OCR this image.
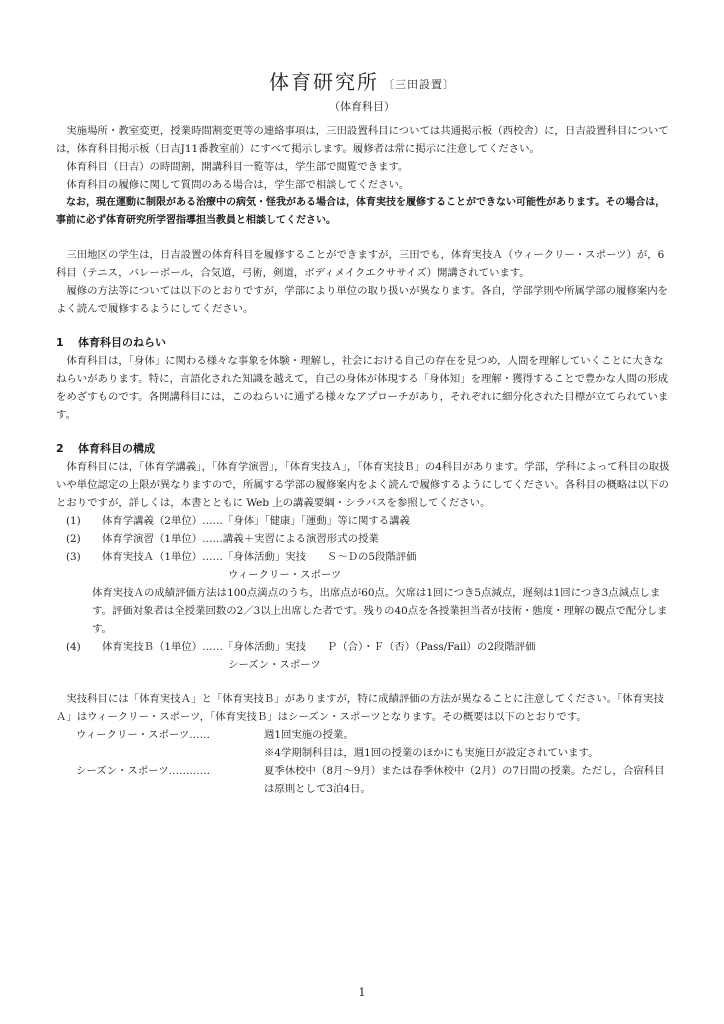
体育研究所 〔三田設置〕
（体育科目）

実施場所・教室変更，授業時間割変更等の連絡事項は，三田設置科目については共通掲示板（西校舎）に，日吉設置科目については，体育科目掲示板（日吉J11番教室前）にすべて掲示します。履修者は常に掲示に注意してください。

体育科目（日吉）の時間割，開講科目一覧等は，学生部で閲覧できます。

体育科目の履修に関して質問のある場合は，学生部で相談してください。

なお，現在運動に制限がある治療中の病気・怪我がある場合は，体育実技を履修することができない可能性があります。その場合は，事前に必ず体育研究所学習指導担当教員と相談してください。

三田地区の学生は，日吉設置の体育科目を履修することができますが，三田でも，体育実技Ａ（ウィークリー・スポーツ）が，6科目（テニス，バレーボール，合気道，弓術，剣道，ボディメイクエクササイズ）開講されています。

履修の方法等については以下のとおりですが，学部により単位の取り扱いが異なります。各自，学部学則や所属学部の履修案内をよく読んで履修するようにしてください。

1 体育科目のねらい

体育科目は，「身体」に関わる様々な事象を体験・理解し，社会における自己の存在を見つめ，人間を理解していくことに大きなねらいがあります。特に，言語化された知識を越えて，自己の身体が体現する「身体知」を理解・獲得することで豊かな人間の形成をめざすものです。各開講科目には，このねらいに通ずる様々なアプローチがあり，それぞれに細分化された目標が立てられています。

2 体育科目の構成

体育科目には，「体育学講義」，「体育学演習」，「体育実技Ａ」，「体育実技Ｂ」の4科目があります。学部，学科によって科目の取扱いや単位認定の上限が異なりますので，所属する学部の履修案内をよく読んで履修するようにしてください。各科目の概略は以下のとおりですが，詳しくは，本書とともに Web 上の講義要綱・シラバスを参照してください。

(1)	体育学講義（2単位）……「身体」「健康」「運動」等に関する講義
(2)	体育学演習（1単位）……講義＋実習による演習形式の授業
(3)	体育実技Ａ（1単位）……「身体活動」実技　　Ｓ～Ｄの5段階評価
ウィークリー・スポーツ
体育実技Ａの成績評価方法は100点満点のうち，出席点が60点。欠席は1回につき5点減点，遅刻は1回につき3点減点します。評価対象者は全授業回数の2／3以上出席した者です。残りの40点を各授業担当者が技術・態度・理解の観点で配分します。
(4)	体育実技Ｂ（1単位）……「身体活動」実技　　Ｐ（合）・Ｆ（否）（Pass/Fail）の2段階評価
シーズン・スポーツ

実技科目には「体育実技Ａ」と「体育実技Ｂ」がありますが，特に成績評価の方法が異なることに注意してください。「体育実技Ａ」はウィークリー・スポーツ，「体育実技Ｂ」はシーズン・スポーツとなります。その概要は以下のとおりです。

ウィークリー・スポーツ……	週1回実施の授業。
※4学期制科目は，週1回の授業のほかにも実施日が設定されています。
シーズン・スポーツ…………	夏季休校中（8月～9月）または春季休校中（2月）の7日間の授業。ただし，合宿科目は原則として3泊4日。
1
